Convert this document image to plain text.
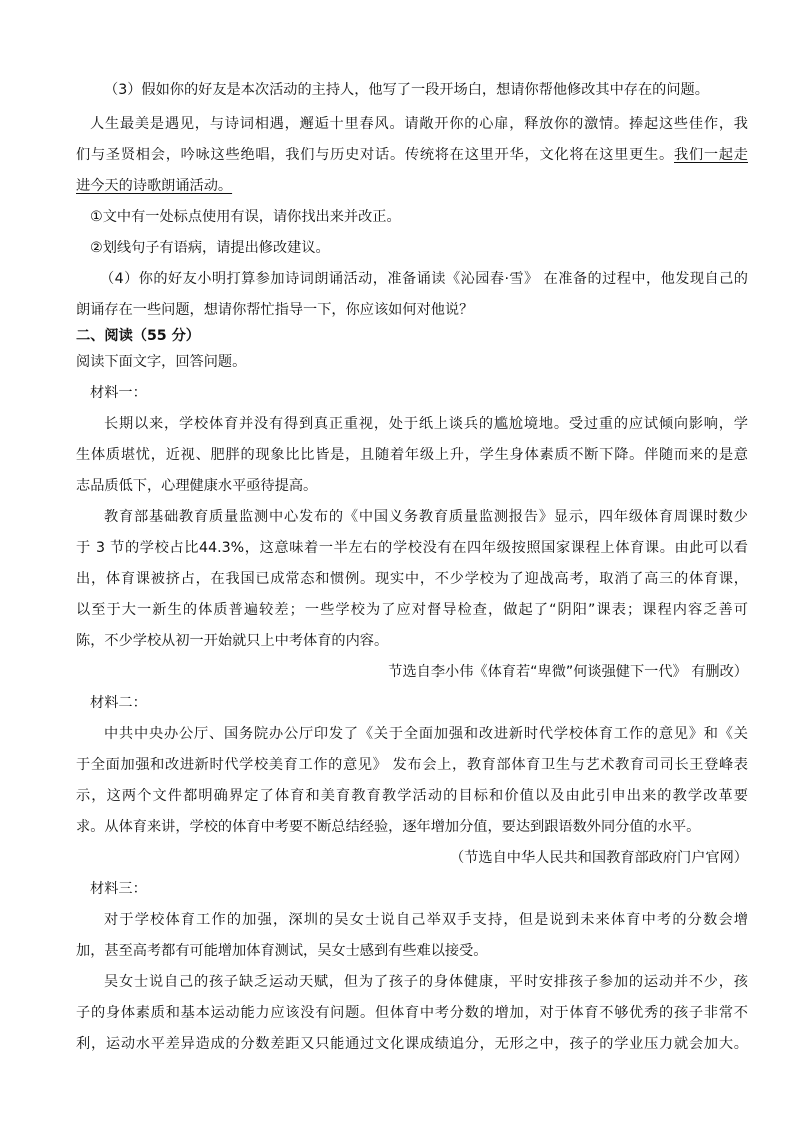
（3）假如你的好友是本次活动的主持人，他写了一段开场白，想请你帮他修改其中存在的问题。
人生最美是遇见，与诗词相遇，邂逅十里春风。请敞开你的心扉，释放你的激情。捧起这些佳作，我
们与圣贤相会，吟咏这些绝唱，我们与历史对话。传统将在这里开华，文化将在这里更生。我们一起走
进今天的诗歌朗诵活动。
①文中有一处标点使用有误，请你找出来并改正。
②划线句子有语病，请提出修改建议。
（4）你的好友小明打算参加诗词朗诵活动，准备诵读《沁园春·雪》 在准备的过程中，他发现自己的
朗诵存在一些问题，想请你帮忙指导一下，你应该如何对他说？
二、阅读（55 分）
阅读下面文字，回答问题。
材料一：
长期以来，学校体育并没有得到真正重视，处于纸上谈兵的尴尬境地。受过重的应试倾向影响，学
生体质堪忧，近视、肥胖的现象比比皆是，且随着年级上升，学生身体素质不断下降。伴随而来的是意
志品质低下，心理健康水平亟待提高。
教育部基础教育质量监测中心发布的《中国义务教育质量监测报告》显示，四年级体育周课时数少
于 3 节的学校占比44.3%，这意味着一半左右的学校没有在四年级按照国家课程上体育课。由此可以看
出，体育课被挤占，在我国已成常态和惯例。现实中，不少学校为了迎战高考，取消了高三的体育课，
以至于大一新生的体质普遍较差；一些学校为了应对督导检查，做起了“阴阳”课表；课程内容乏善可
陈，不少学校从初一开始就只上中考体育的内容。
节选自李小伟《体育若“卑微”何谈强健下一代》 有删改）
材料二：
中共中央办公厅、国务院办公厅印发了《关于全面加强和改进新时代学校体育工作的意见》和《关
于全面加强和改进新时代学校美育工作的意见》 发布会上，教育部体育卫生与艺术教育司司长王登峰表
示，这两个文件都明确界定了体育和美育教育教学活动的目标和价值以及由此引申出来的教学改革要
求。从体育来讲，学校的体育中考要不断总结经验，逐年增加分值，要达到跟语数外同分值的水平。
（节选自中华人民共和国教育部政府门户官网）
材料三：
对于学校体育工作的加强，深圳的吴女士说自己举双手支持，但是说到未来体育中考的分数会增
加，甚至高考都有可能增加体育测试，吴女士感到有些难以接受。
吴女士说自己的孩子缺乏运动天赋，但为了孩子的身体健康，平时安排孩子参加的运动并不少，孩
子的身体素质和基本运动能力应该没有问题。但体育中考分数的增加，对于体育不够优秀的孩子非常不
利，运动水平差异造成的分数差距又只能通过文化课成绩追分，无形之中，孩子的学业压力就会加大。
